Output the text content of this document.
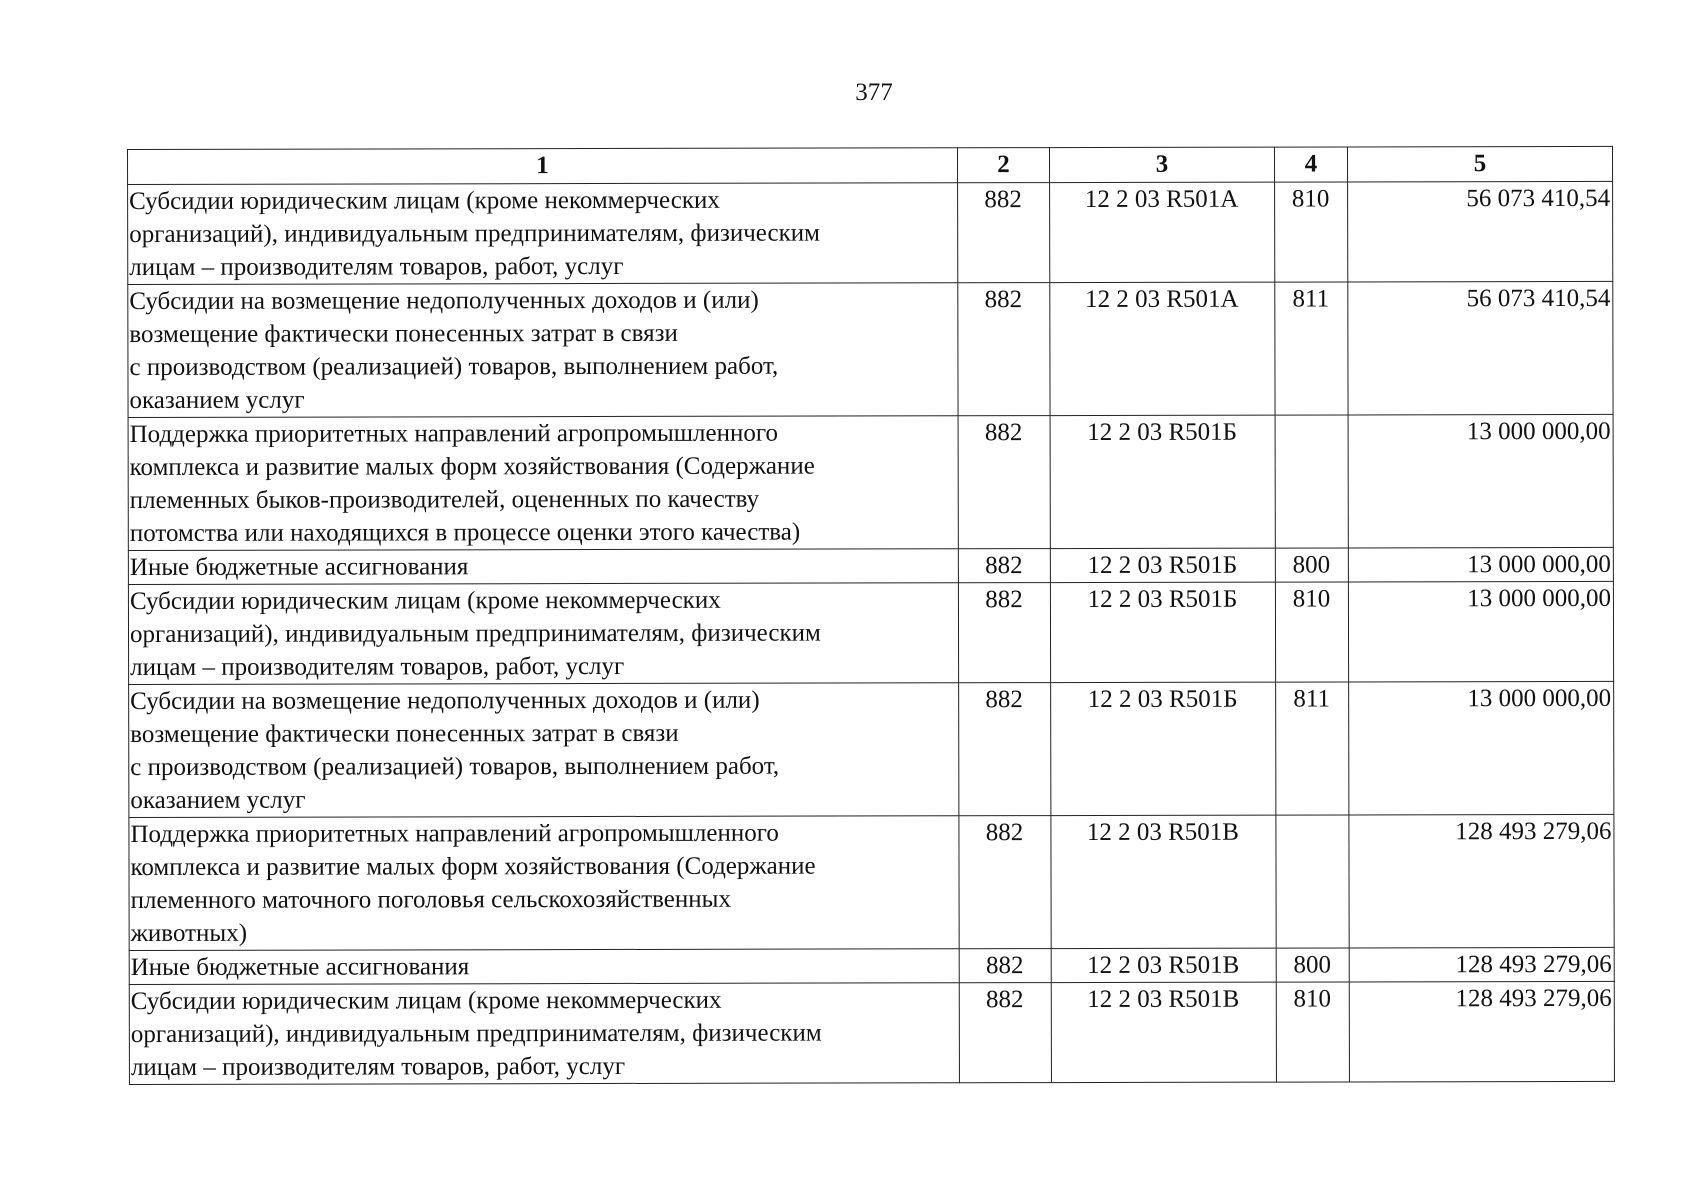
377
1	2	3	4	5
Субсидии юридическим лицам (кроме некоммерческих
организаций), индивидуальным предпринимателям, физическим
лицам – производителям товаров, работ, услуг	882	12 2 03 R501A	810	56 073 410,54
Субсидии на возмещение недополученных доходов и (или)
возмещение фактически понесенных затрат в связи
с производством (реализацией) товаров, выполнением работ,
оказанием услуг	882	12 2 03 R501A	811	56 073 410,54
Поддержка приоритетных направлений агропромышленного
комплекса и развитие малых форм хозяйствования (Содержание
племенных быков-производителей, оцененных по качеству
потомства или находящихся в процессе оценки этого качества)	882	12 2 03 R501Б		13 000 000,00
Иные бюджетные ассигнования	882	12 2 03 R501Б	800	13 000 000,00
Субсидии юридическим лицам (кроме некоммерческих
организаций), индивидуальным предпринимателям, физическим
лицам – производителям товаров, работ, услуг	882	12 2 03 R501Б	810	13 000 000,00
Субсидии на возмещение недополученных доходов и (или)
возмещение фактически понесенных затрат в связи
с производством (реализацией) товаров, выполнением работ,
оказанием услуг	882	12 2 03 R501Б	811	13 000 000,00
Поддержка приоритетных направлений агропромышленного
комплекса и развитие малых форм хозяйствования (Содержание
племенного маточного поголовья сельскохозяйственных
животных)	882	12 2 03 R501B		128 493 279,06
Иные бюджетные ассигнования	882	12 2 03 R501B	800	128 493 279,06
Субсидии юридическим лицам (кроме некоммерческих
организаций), индивидуальным предпринимателям, физическим
лицам – производителям товаров, работ, услуг	882	12 2 03 R501B	810	128 493 279,06
